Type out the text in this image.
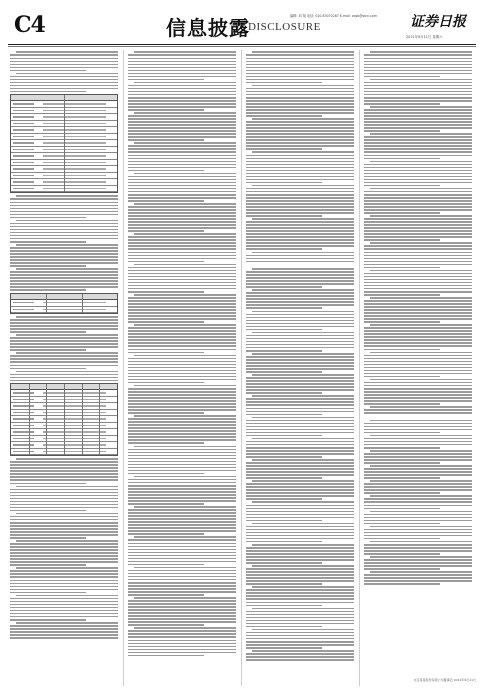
C4	信息披露
DISCLOSURE
编辑: 刘 翔 电话: 010-63070287 E-mail: zqsb@stcn.com	证券日报
2021年9月11日 星期六
北京某某股份有限公司董事会 2021年9月11日
